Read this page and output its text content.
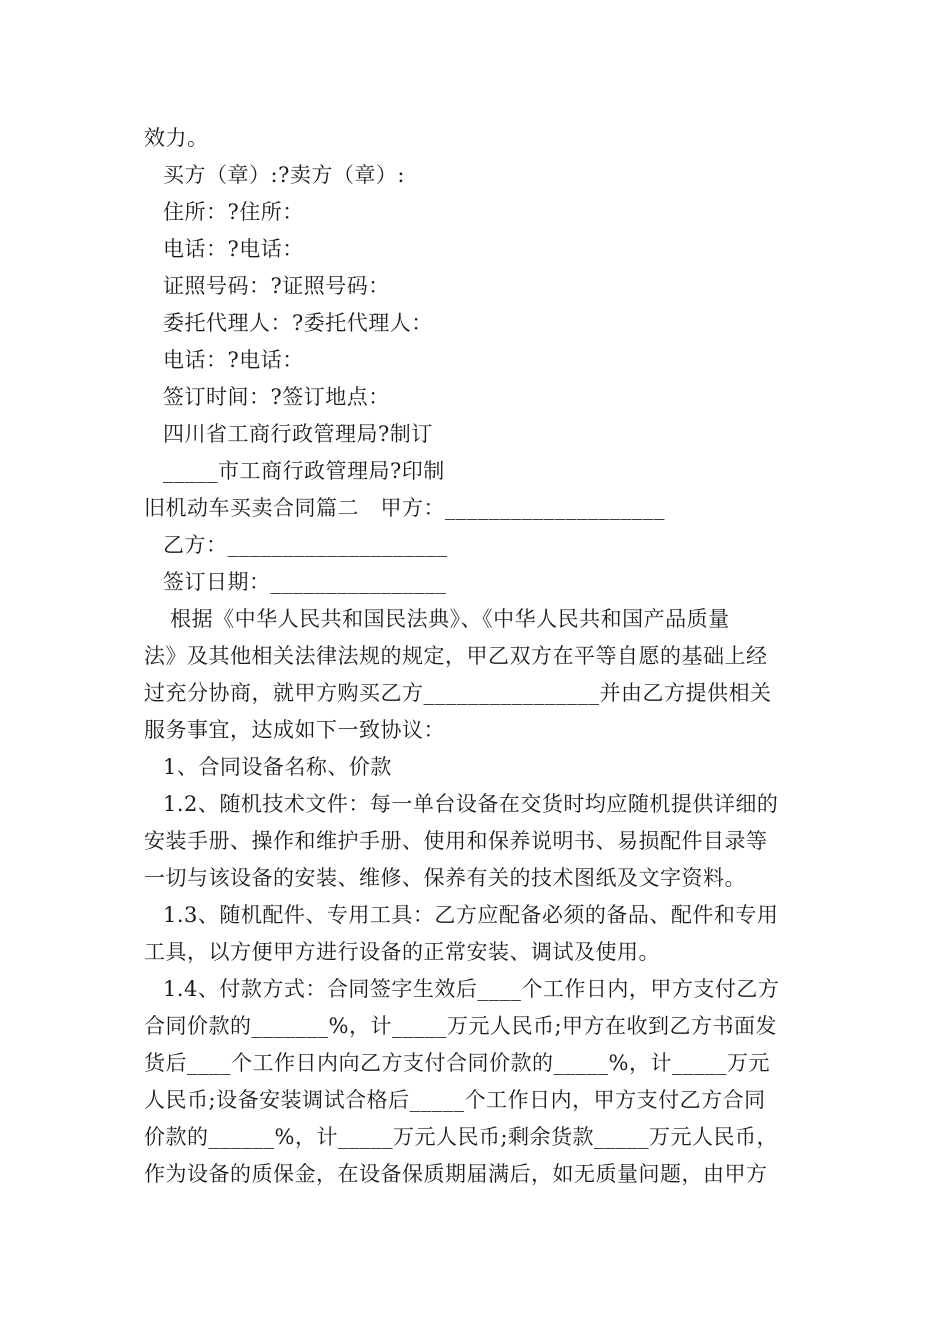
效力。
买方（章）:?卖方（章）:
住所：?住所：
电话：?电话：
证照号码：?证照号码：
委托代理人：?委托代理人：
电话：?电话：
签订时间：?签订地点：
四川省工商行政管理局?制订
_____市工商行政管理局?印制
旧机动车买卖合同篇二　甲方：____________________
乙方：____________________
签订日期：________________
根据《中华人民共和国民法典》、《中华人民共和国产品质量
法》及其他相关法律法规的规定，甲乙双方在平等自愿的基础上经
过充分协商，就甲方购买乙方________________并由乙方提供相关
服务事宜，达成如下一致协议：
1、合同设备名称、价款
1.2、随机技术文件：每一单台设备在交货时均应随机提供详细的
安装手册、操作和维护手册、使用和保养说明书、易损配件目录等
一切与该设备的安装、维修、保养有关的技术图纸及文字资料。
1.3、随机配件、专用工具：乙方应配备必须的备品、配件和专用
工具，以方便甲方进行设备的正常安装、调试及使用。
1.4、付款方式：合同签字生效后____个工作日内，甲方支付乙方
合同价款的_______%，计_____万元人民币;甲方在收到乙方书面发
货后____个工作日内向乙方支付合同价款的_____%，计_____万元
人民币;设备安装调试合格后_____个工作日内，甲方支付乙方合同
价款的______%，计_____万元人民币;剩余货款_____万元人民币，
作为设备的质保金，在设备保质期届满后，如无质量问题，由甲方
